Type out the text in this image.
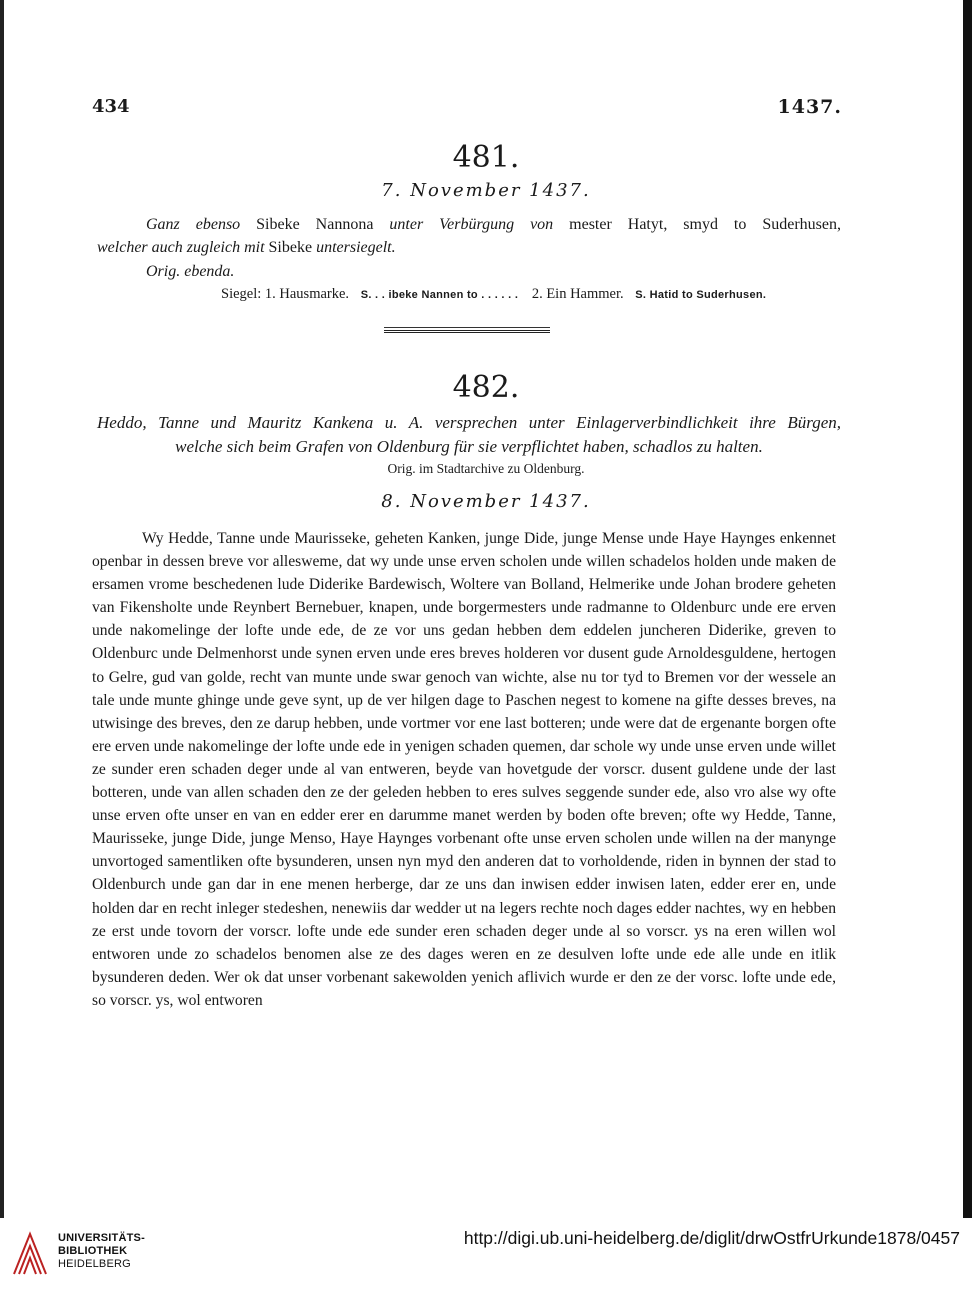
434	1437.
481.
7. November 1437.

Ganz ebenso Sibeke Nannona unter Verbürgung von mester Hatyt, smyd to Suderhusen,

welcher auch zugleich mit Sibeke untersiegelt.

Orig. ebenda.
Siegel: 1. Hausmarke. S. . . ibeke Nannen to . . . . . . 2. Ein Hammer. S. Hatid to Suderhusen.
482.

Heddo, Tanne und Mauritz Kankena u. A. versprechen unter Einlagerverbindlichkeit ihre Bürgen,

welche sich beim Grafen von Oldenburg für sie verpflichtet haben, schadlos zu halten.

Orig. im Stadtarchive zu Oldenburg.
8. November 1437.

Wy Hedde, Tanne unde Maurisseke, geheten Kanken, junge Dide, junge Mense unde Haye Haynges enkennet openbar in dessen breve vor allesweme, dat wy unde unse erven scholen unde willen schadelos holden unde maken de ersamen vrome beschedenen lude Diderike Bardewisch, Woltere van Bolland, Helmerike unde Johan brodere geheten van Fikensholte unde Reynbert Bernebuer, knapen, unde borgermesters unde radmanne to Oldenburc unde ere erven unde nakomelinge der lofte unde ede, de ze vor uns gedan hebben dem eddelen juncheren Diderike, greven to Oldenburc unde Delmenhorst unde synen erven unde eres breves holderen vor dusent gude Arnoldesguldene, hertogen to Gelre, gud van golde, recht van munte unde swar genoch van wichte, alse nu tor tyd to Bremen vor der wessele an tale unde munte ghinge unde geve synt, up de ver hilgen dage to Paschen negest to komene na gifte desses breves, na utwisinge des breves, den ze darup hebben, unde vortmer vor ene last botteren; unde were dat de ergenante borgen ofte ere erven unde nakomelinge der lofte unde ede in yenigen schaden quemen, dar schole wy unde unse erven unde willet ze sunder eren schaden deger unde al van entweren, beyde van hovetgude der vorscr. dusent guldene unde der last botteren, unde van allen schaden den ze der geleden hebben to eres sulves seggende sunder ede, also vro alse wy ofte unse erven ofte unser en van en edder erer en darumme manet werden by boden ofte breven; ofte wy Hedde, Tanne, Maurisseke, junge Dide, junge Menso, Haye Haynges vorbenant ofte unse erven scholen unde willen na der manynge unvortoged samentliken ofte bysunderen, unsen nyn myd den anderen dat to vorholdende, riden in bynnen der stad to Oldenburch unde gan dar in ene menen herberge, dar ze uns dan inwisen edder inwisen laten, edder erer en, unde holden dar en recht inleger stedeshen, nenewiis dar wedder ut na legers rechte noch dages edder nachtes, wy en hebben ze erst unde tovorn der vorscr. lofte unde ede sunder eren schaden deger unde al so vorscr. ys na eren willen wol entworen unde zo schadelos benomen alse ze des dages weren en ze desulven lofte unde ede alle unde en itlik bysunderen deden. Wer ok dat unser vorbenant sakewolden yenich aflivich wurde er den ze der vorsc. lofte unde ede, so vorscr. ys, wol entworen

UNIVERSITÄTS-
BIBLIOTHEK
HEIDELBERG
http://digi.ub.uni-heidelberg.de/diglit/drwOstfrUrkunde1878/0457
